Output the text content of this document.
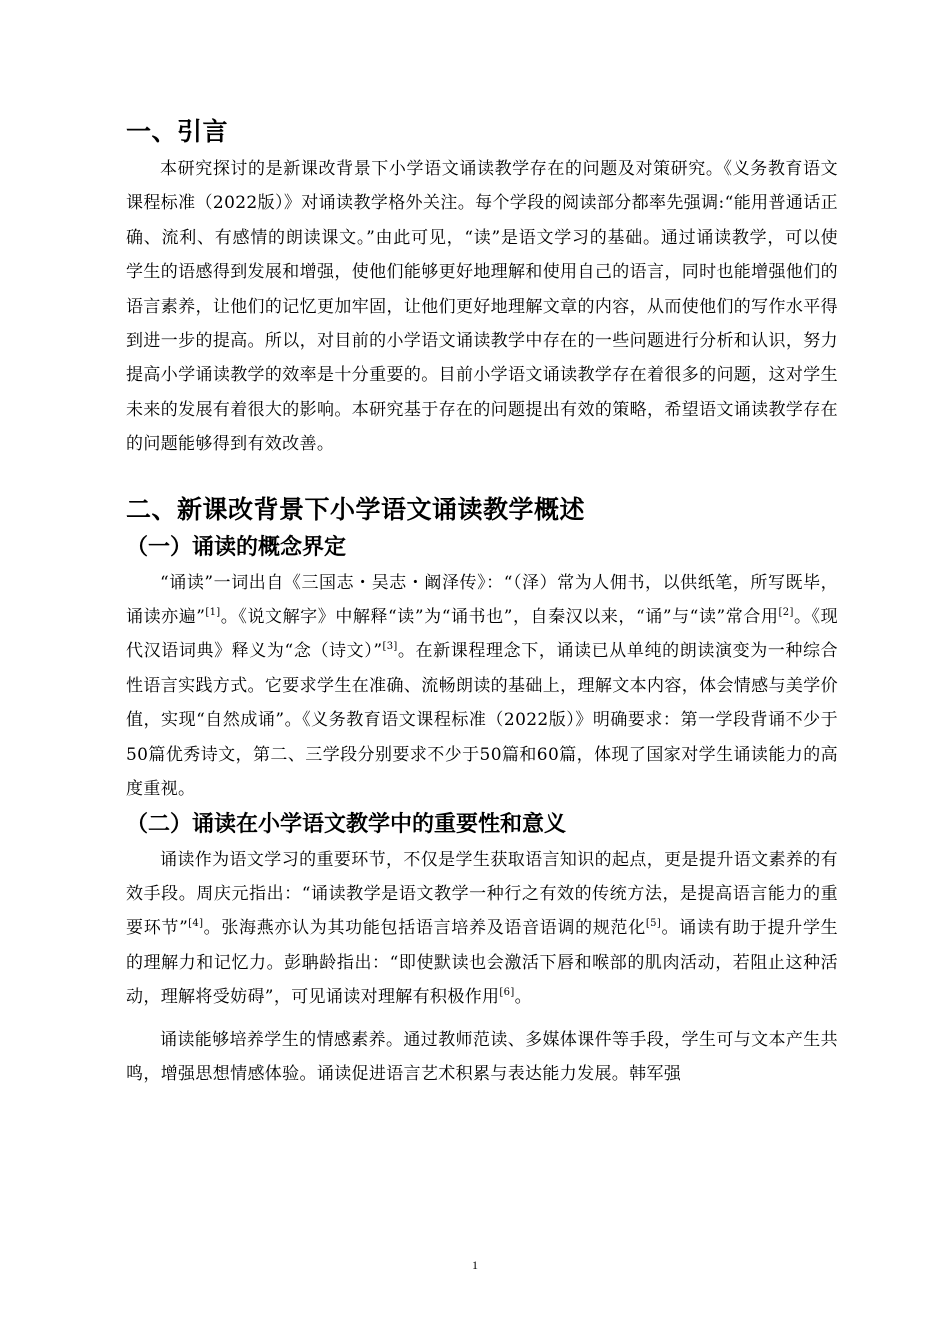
一、引言

本研究探讨的是新课改背景下小学语文诵读教学存在的问题及对策研究。《义务教育语文课程标准（2022版）》对诵读教学格外关注。每个学段的阅读部分都率先强调:“能用普通话正确、流利、有感情的朗读课文。”由此可见，“读”是语文学习的基础。通过诵读教学，可以使学生的语感得到发展和增强，使他们能够更好地理解和使用自己的语言，同时也能增强他们的语言素养，让他们的记忆更加牢固，让他们更好地理解文章的内容，从而使他们的写作水平得到进一步的提高。所以，对目前的小学语文诵读教学中存在的一些问题进行分析和认识，努力提高小学诵读教学的效率是十分重要的。目前小学语文诵读教学存在着很多的问题，这对学生未来的发展有着很大的影响。本研究基于存在的问题提出有效的策略，希望语文诵读教学存在的问题能够得到有效改善。

二、新课改背景下小学语文诵读教学概述
（一）诵读的概念界定

“诵读”一词出自《三国志・吴志・阚泽传》：“（泽）常为人佣书，以供纸笔，所写既毕，诵读亦遍”[1]。《说文解字》中解释“读”为“诵书也”，自秦汉以来，“诵”与“读”常合用[2]。《现代汉语词典》释义为“念（诗文）”[3]。在新课程理念下，诵读已从单纯的朗读演变为一种综合性语言实践方式。它要求学生在准确、流畅朗读的基础上，理解文本内容，体会情感与美学价值，实现“自然成诵”。《义务教育语文课程标准（2022版）》明确要求：第一学段背诵不少于50篇优秀诗文，第二、三学段分别要求不少于50篇和60篇，体现了国家对学生诵读能力的高度重视。

（二）诵读在小学语文教学中的重要性和意义

诵读作为语文学习的重要环节，不仅是学生获取语言知识的起点，更是提升语文素养的有效手段。周庆元指出：“诵读教学是语文教学一种行之有效的传统方法，是提高语言能力的重要环节”[4]。张海燕亦认为其功能包括语言培养及语音语调的规范化[5]。诵读有助于提升学生的理解力和记忆力。彭聃龄指出：“即使默读也会激活下唇和喉部的肌肉活动，若阻止这种活动，理解将受妨碍”，可见诵读对理解有积极作用[6]。

诵读能够培养学生的情感素养。通过教师范读、多媒体课件等手段，学生可与文本产生共鸣，增强思想情感体验。诵读促进语言艺术积累与表达能力发展。韩军强

1
